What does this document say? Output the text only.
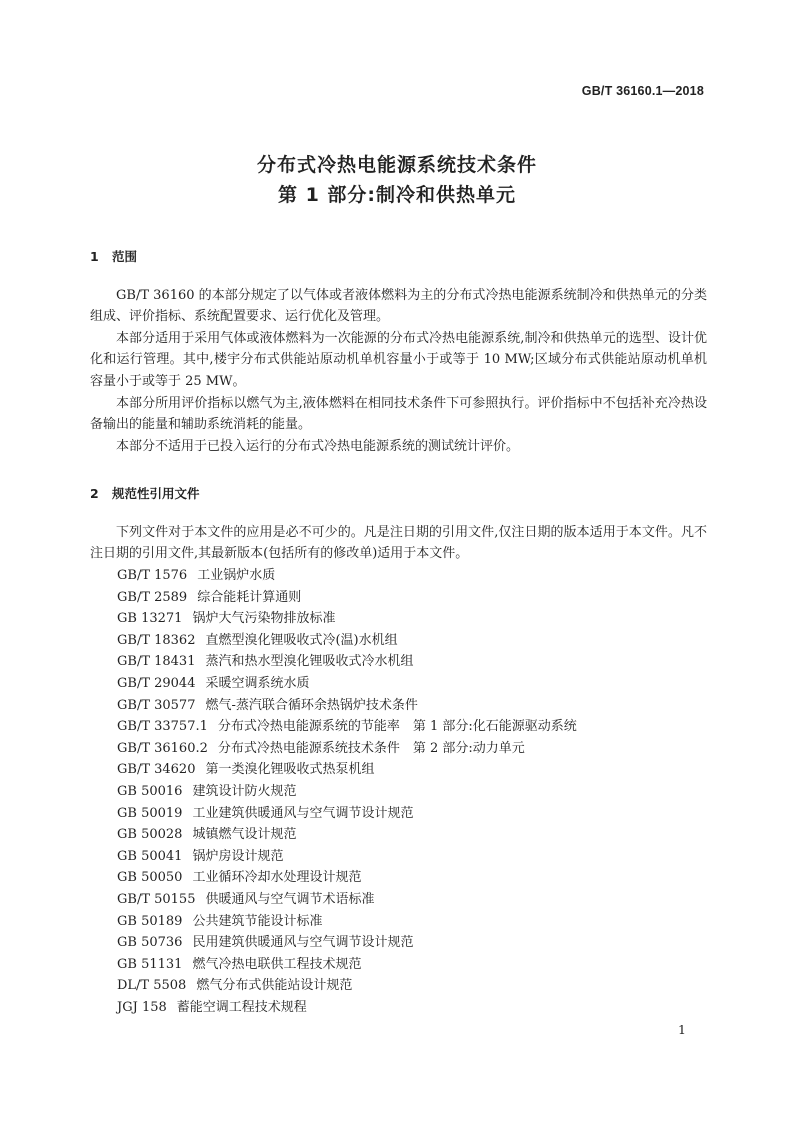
GB/T 36160.1—2018
分布式冷热电能源系统技术条件
第 1 部分:制冷和供热单元
1 范围

GB/T 36160 的本部分规定了以气体或者液体燃料为主的分布式冷热电能源系统制冷和供热单元的分类组成、评价指标、系统配置要求、运行优化及管理。

本部分适用于采用气体或液体燃料为一次能源的分布式冷热电能源系统,制冷和供热单元的选型、设计优化和运行管理。其中,楼宇分布式供能站原动机单机容量小于或等于 10 MW;区域分布式供能站原动机单机容量小于或等于 25 MW。

本部分所用评价指标以燃气为主,液体燃料在相同技术条件下可参照执行。评价指标中不包括补充冷热设备输出的能量和辅助系统消耗的能量。

本部分不适用于已投入运行的分布式冷热电能源系统的测试统计评价。

2 规范性引用文件

下列文件对于本文件的应用是必不可少的。凡是注日期的引用文件,仅注日期的版本适用于本文件。凡不注日期的引用文件,其最新版本(包括所有的修改单)适用于本文件。

GB/T 1576 工业锅炉水质
GB/T 2589 综合能耗计算通则
GB 13271 锅炉大气污染物排放标准
GB/T 18362 直燃型溴化锂吸收式冷(温)水机组
GB/T 18431 蒸汽和热水型溴化锂吸收式冷水机组
GB/T 29044 采暖空调系统水质
GB/T 30577 燃气-蒸汽联合循环余热锅炉技术条件
GB/T 33757.1 分布式冷热电能源系统的节能率　第 1 部分:化石能源驱动系统
GB/T 36160.2 分布式冷热电能源系统技术条件　第 2 部分:动力单元
GB/T 34620 第一类溴化锂吸收式热泵机组
GB 50016 建筑设计防火规范
GB 50019 工业建筑供暖通风与空气调节设计规范
GB 50028 城镇燃气设计规范
GB 50041 锅炉房设计规范
GB 50050 工业循环冷却水处理设计规范
GB/T 50155 供暖通风与空气调节术语标准
GB 50189 公共建筑节能设计标准
GB 50736 民用建筑供暖通风与空气调节设计规范
GB 51131 燃气冷热电联供工程技术规范
DL/T 5508 燃气分布式供能站设计规范
JGJ 158 蓄能空调工程技术规程
1
